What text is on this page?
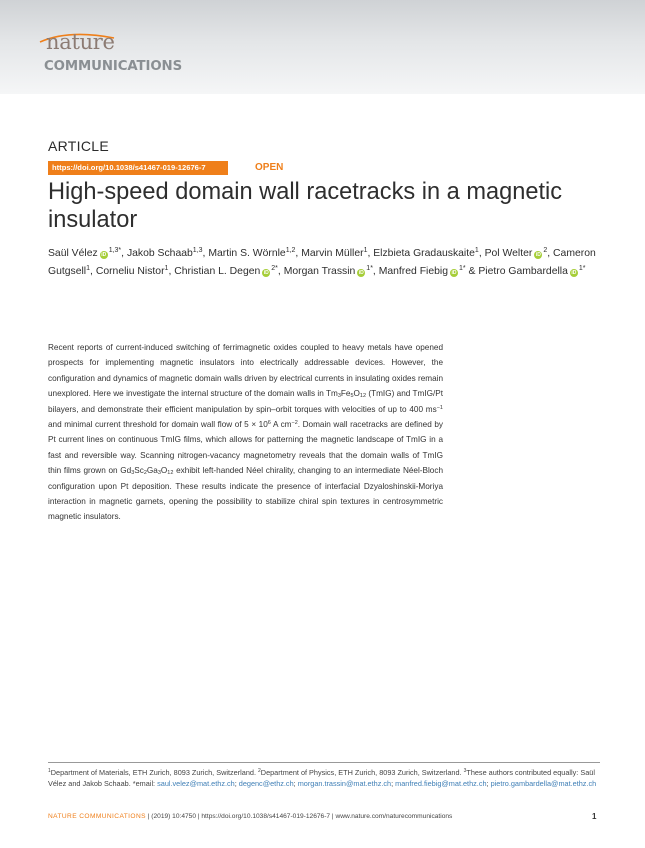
nature
COMMUNICATIONS
ARTICLE
https://doi.org/10.1038/s41467-019-12676-7	OPEN
High-speed domain wall racetracks in a magnetic insulator
Saül Vélez $iD^{1,3*}$, Jakob Schaab$^{1,3}$, Martin S. Wörnle$^{1,2}$, Marvin Müller$^1$, Elzbieta Gradauskaite$^1$, Pol Welter $iD^2$, Cameron Gutgsell$^1$, Corneliu Nistor$^1$, Christian L. Degen $iD^{2*}$, Morgan Trassin $iD^{1*}$, Manfred Fiebig $iD^{1*}$ & Pietro Gambardella $iD^{1*}$

Recent reports of current-induced switching of ferrimagnetic oxides coupled to heavy metals have opened prospects for implementing magnetic insulators into electrically addressable devices. However, the configuration and dynamics of magnetic domain walls driven by electrical currents in insulating oxides remain unexplored. Here we investigate the internal structure of the domain walls in $Tm_3Fe_5O_{12}$ (TmIG) and TmIG/Pt bilayers, and demonstrate their efficient manipulation by spin–orbit torques with velocities of up to 400 $ms^{-1}$ and minimal current threshold for domain wall flow of $5 \times 10^6$ A $cm^{-2}$. Domain wall racetracks are defined by Pt current lines on continuous TmIG films, which allows for patterning the magnetic landscape of TmIG in a fast and reversible way. Scanning nitrogen-vacancy magnetometry reveals that the domain walls of TmIG thin films grown on $Gd_3Sc_2Ga_3O_{12}$ exhibit left-handed Néel chirality, changing to an intermediate Néel-Bloch configuration upon Pt deposition. These results indicate the presence of interfacial Dzyaloshinskii-Moriya interaction in magnetic garnets, opening the possibility to stabilize chiral spin textures in centrosymmetric magnetic insulators.

$^1$Department of Materials, ETH Zurich, 8093 Zurich, Switzerland. $^2$Department of Physics, ETH Zurich, 8093 Zurich, Switzerland. $^3$These authors contributed equally: Saül Vélez and Jakob Schaab. *email: saul.velez@mat.ethz.ch; degenc@ethz.ch; morgan.trassin@mat.ethz.ch; manfred.fiebig@mat.ethz.ch; pietro.gambardella@mat.ethz.ch
NATURE COMMUNICATIONS | (2019) 10:4750 | https://doi.org/10.1038/s41467-019-12676-7 | www.nature.com/naturecommunications	1
